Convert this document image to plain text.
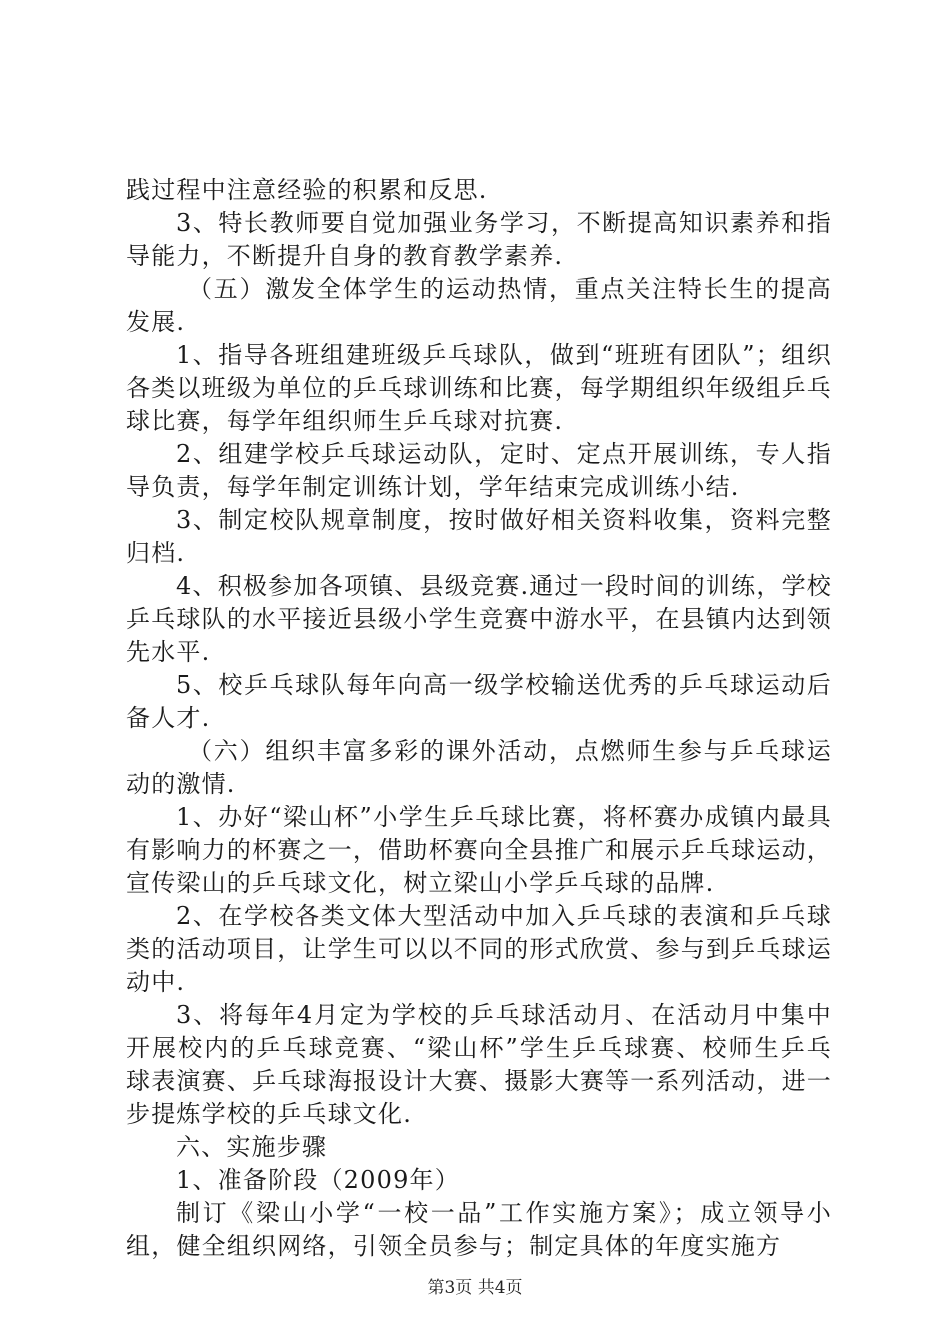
践过程中注意经验的积累和反思.

3、特长教师要自觉加强业务学习，不断提高知识素养和指导能力，不断提升自身的教育教学素养.

（五）激发全体学生的运动热情，重点关注特长生的提高发展.

1、指导各班组建班级乒乓球队，做到“班班有团队”；组织各类以班级为单位的乒乓球训练和比赛，每学期组织年级组乒乓球比赛，每学年组织师生乒乓球对抗赛.

2、组建学校乒乓球运动队，定时、定点开展训练，专人指导负责，每学年制定训练计划，学年结束完成训练小结.

3、制定校队规章制度，按时做好相关资料收集，资料完整归档.

4、积极参加各项镇、县级竞赛.通过一段时间的训练，学校乒乓球队的水平接近县级小学生竞赛中游水平，在县镇内达到领先水平.

5、校乒乓球队每年向高一级学校输送优秀的乒乓球运动后备人才.

（六）组织丰富多彩的课外活动，点燃师生参与乒乓球运动的激情.

1、办好“梁山杯”小学生乒乓球比赛，将杯赛办成镇内最具有影响力的杯赛之一，借助杯赛向全县推广和展示乒乓球运动，宣传梁山的乒乓球文化，树立梁山小学乒乓球的品牌.

2、在学校各类文体大型活动中加入乒乓球的表演和乒乓球类的活动项目，让学生可以以不同的形式欣赏、参与到乒乓球运动中.

3、将每年4月定为学校的乒乓球活动月、在活动月中集中开展校内的乒乓球竞赛、“梁山杯”学生乒乓球赛、校师生乒乓球表演赛、乒乓球海报设计大赛、摄影大赛等一系列活动，进一步提炼学校的乒乓球文化.

六、实施步骤

1、准备阶段（2009年）

制订《梁山小学“一校一品”工作实施方案》；成立领导小组，健全组织网络，引领全员参与；制定具体的年度实施方

第3页 共4页
